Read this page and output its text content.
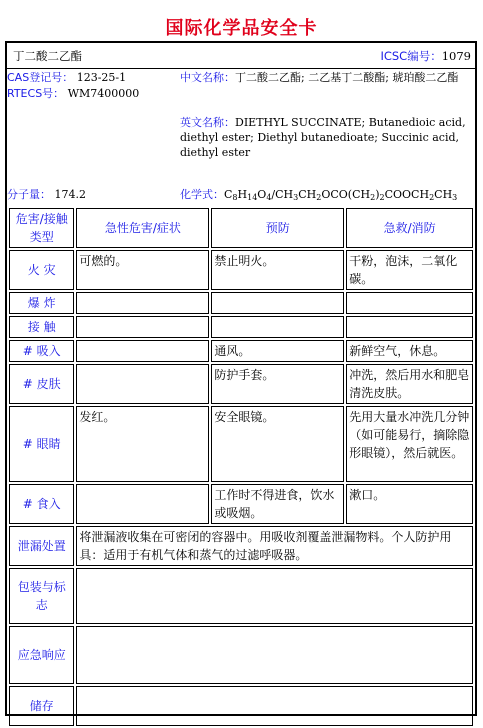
国际化学品安全卡
丁二酸二乙酯	ICSC编号：1079
CAS登记号： 123-25-1
RTECS号： WM7400000
中文名称：丁二酸二乙酯; 二乙基丁二酸酯; 琥珀酸二乙酯
英文名称：DIETHYL SUCCINATE; Butanedioic acid, diethyl ester; Diethyl butanedioate; Succinic acid, diethyl ester
分子量： 174.2	化学式：$C_8H_{14}O_4/CH_3CH_2OCO(CH_2)_2COOCH_2CH_3$
危害/接触类型	急性危害/症状	预防	急救/消防
火 灾	可燃的。	禁止明火。	干粉，泡沫，二氧化碳。
爆 炸			
接 触			
# 吸入		通风。	新鲜空气，休息。
# 皮肤		防护手套。	冲洗，然后用水和肥皂清洗皮肤。
# 眼睛	发红。	安全眼镜。	先用大量水冲洗几分钟（如可能易行，摘除隐形眼镜），然后就医。
# 食入		工作时不得进食，饮水或吸烟。	漱口。
泄漏处置	将泄漏液收集在可密闭的容器中。用吸收剂覆盖泄漏物料。个人防护用具：适用于有机气体和蒸气的过滤呼吸器。		
包装与标志			
应急响应			
储存			
